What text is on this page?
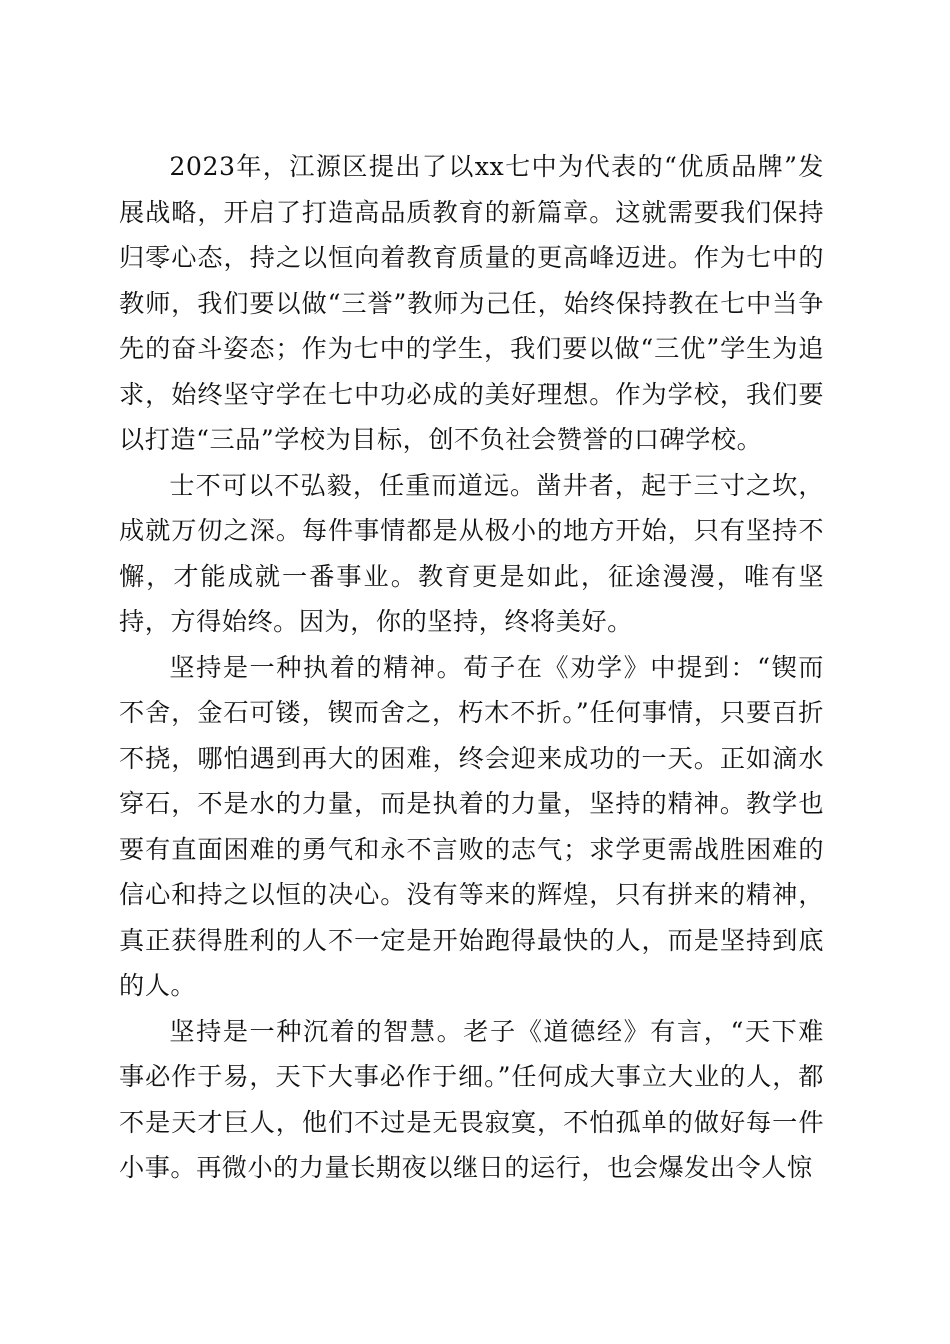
2023年，江源区提出了以xx七中为代表的“优质品牌”发展战略，开启了打造高品质教育的新篇章。这就需要我们保持归零心态，持之以恒向着教育质量的更高峰迈进。作为七中的教师，我们要以做“三誉”教师为己任，始终保持教在七中当争先的奋斗姿态；作为七中的学生，我们要以做“三优”学生为追求，始终坚守学在七中功必成的美好理想。作为学校，我们要以打造“三品”学校为目标，创不负社会赞誉的口碑学校。

士不可以不弘毅，任重而道远。凿井者，起于三寸之坎，成就万仞之深。每件事情都是从极小的地方开始，只有坚持不懈，才能成就一番事业。教育更是如此，征途漫漫，唯有坚持，方得始终。因为，你的坚持，终将美好。

坚持是一种执着的精神。荀子在《劝学》中提到：“锲而不舍，金石可镂，锲而舍之，朽木不折。”任何事情，只要百折不挠，哪怕遇到再大的困难，终会迎来成功的一天。正如滴水穿石，不是水的力量，而是执着的力量，坚持的精神。教学也要有直面困难的勇气和永不言败的志气；求学更需战胜困难的信心和持之以恒的决心。没有等来的辉煌，只有拼来的精神，真正获得胜利的人不一定是开始跑得最快的人，而是坚持到底的人。

坚持是一种沉着的智慧。老子《道德经》有言，“天下难事必作于易，天下大事必作于细。”任何成大事立大业的人，都不是天才巨人，他们不过是无畏寂寞，不怕孤单的做好每一件小事。再微小的力量长期夜以继日的运行，也会爆发出令人惊
